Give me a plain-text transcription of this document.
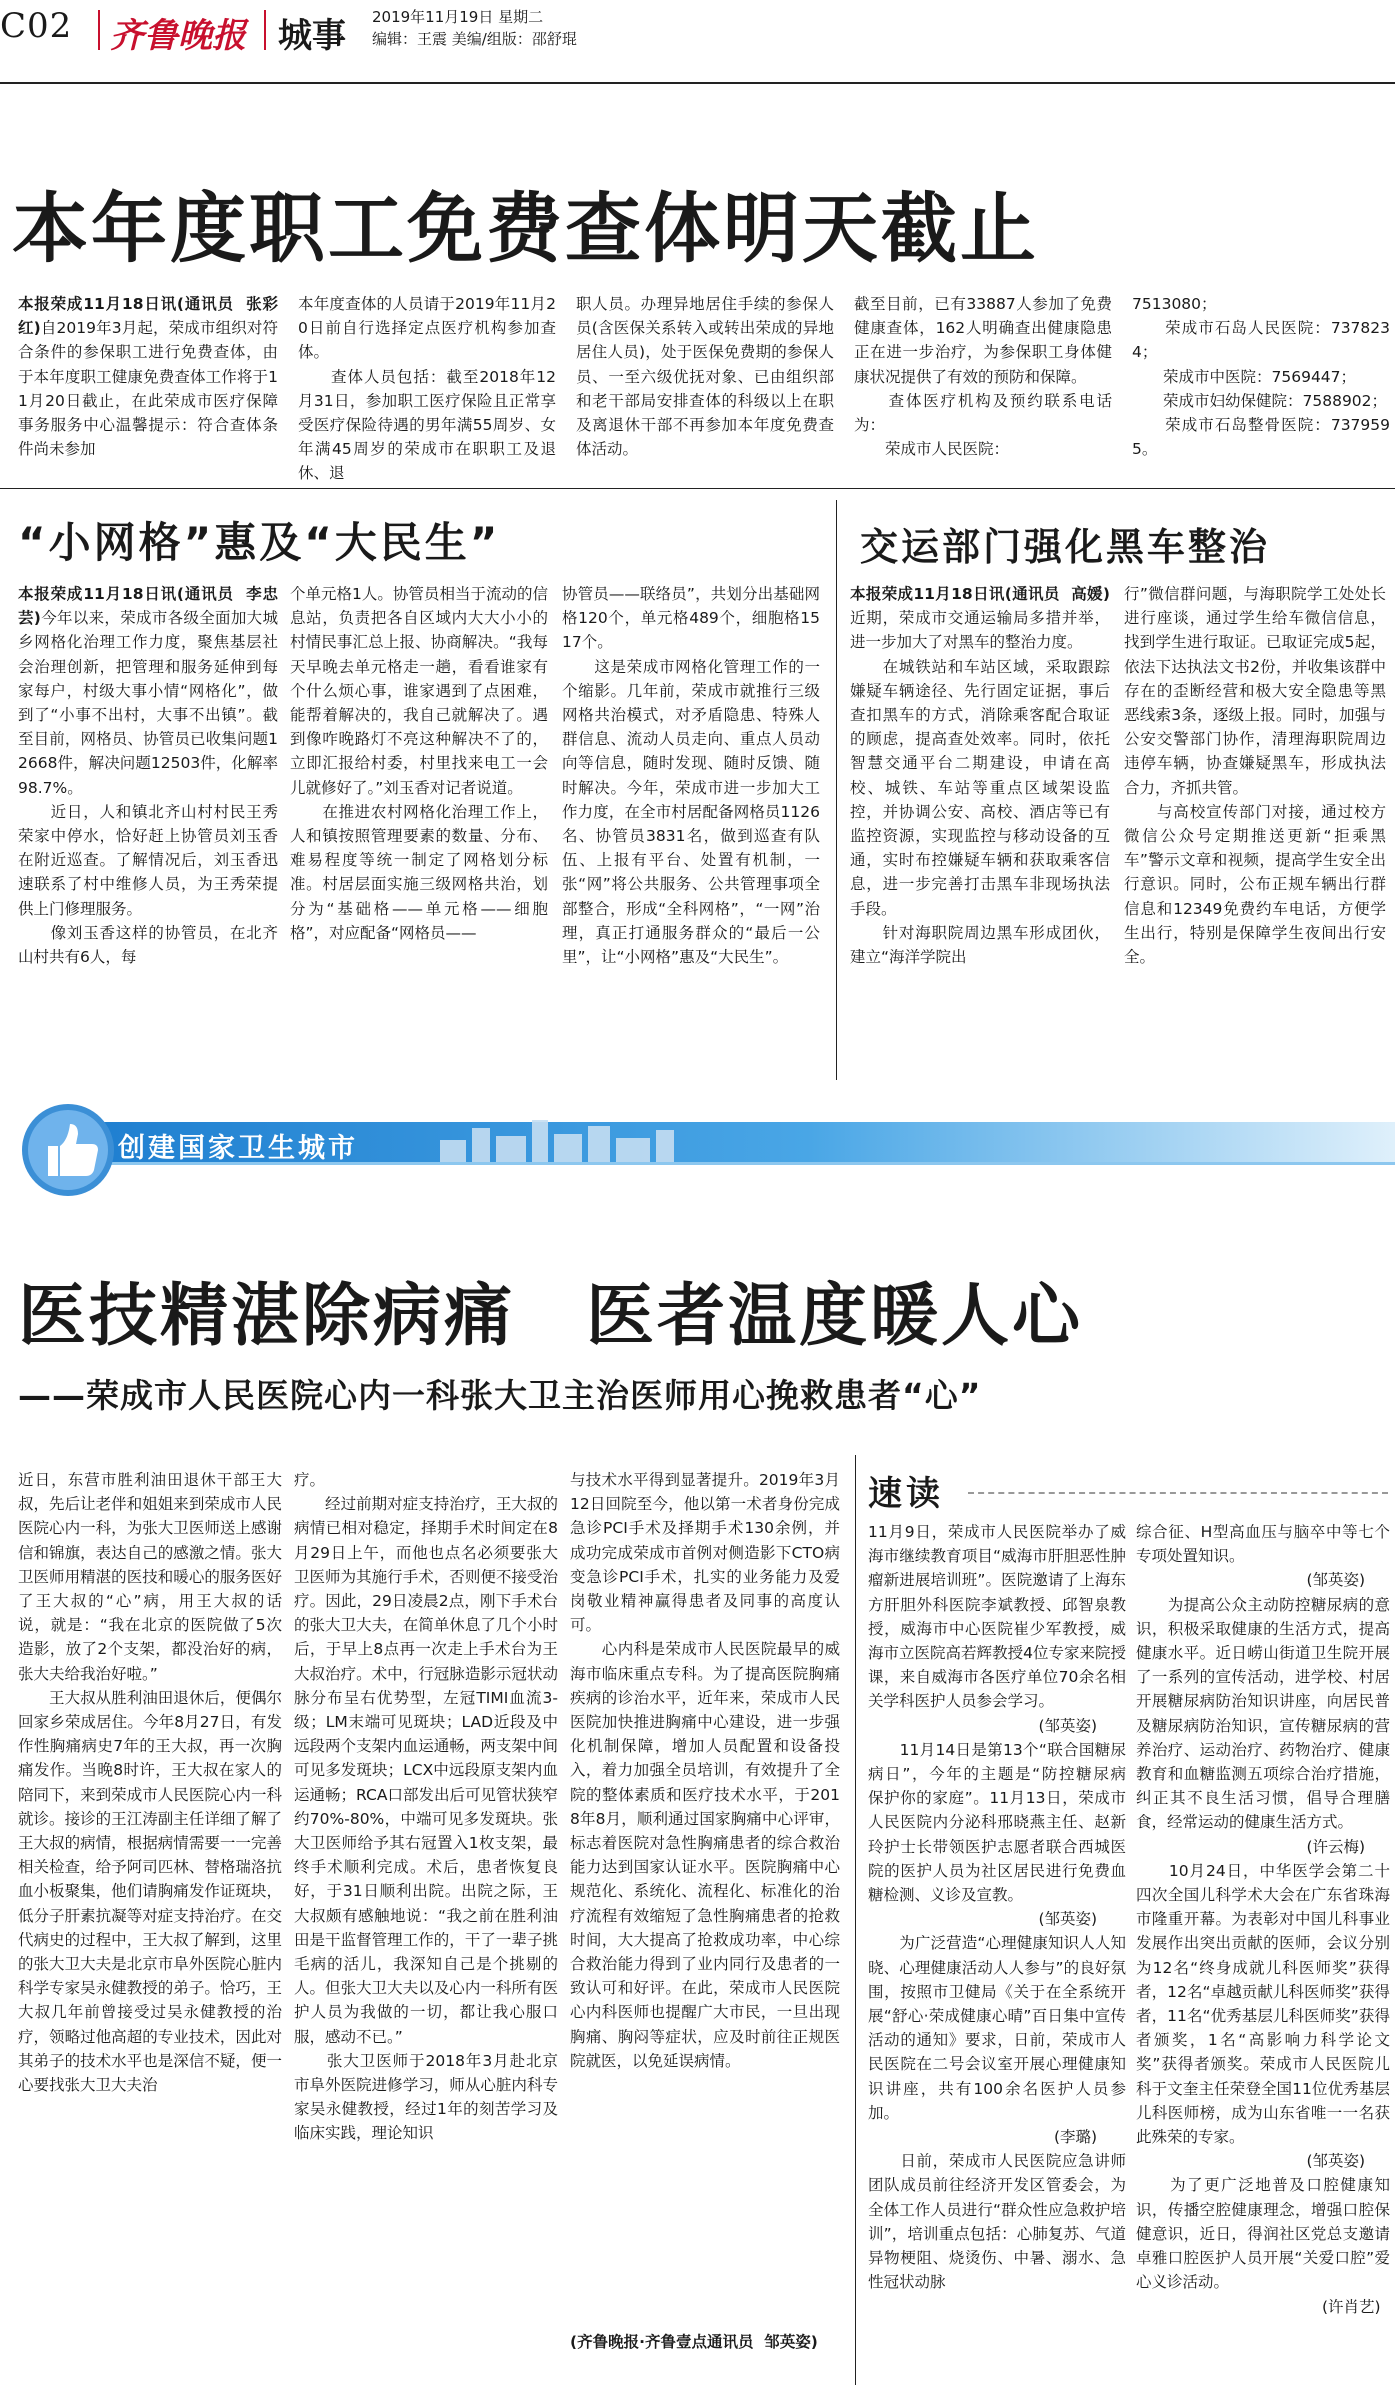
C02 齐鲁晚报 城事 2019年11月19日 星期二
编辑：王震 美编/组版：邵舒琨
本年度职工免费查体明天截止
本报荣成11月18日讯(通讯员  张彩红)自2019年3月起，荣成市组织对符合条件的参保职工进行免费查体，由于本年度职工健康免费查体工作将于11月20日截止，在此荣成市医疗保障事务服务中心温馨提示：符合查体条件尚未参加
本年度查体的人员请于2019年11月20日前自行选择定点医疗机构参加查体。
　　查体人员包括：截至2018年12月31日，参加职工医疗保险且正常享受医疗保险待遇的男年满55周岁、女年满45周岁的荣成市在职职工及退休、退
职人员。办理异地居住手续的参保人员(含医保关系转入或转出荣成的异地居住人员)，处于医保免费期的参保人员、一至六级优抚对象、已由组织部和老干部局安排查体的科级以上在职及离退休干部不再参加本年度免费查体活动。
截至目前，已有33887人参加了免费健康查体，162人明确查出健康隐患正在进一步治疗，为参保职工身体健康状况提供了有效的预防和保障。
　　查体医疗机构及预约联系电话为：
　　荣成市人民医院：
7513080；
　　荣成市石岛人民医院：7378234；
　　荣成市中医院：7569447；
　　荣成市妇幼保健院：7588902；
　　荣成市石岛整骨医院：7379595。
“小网格”惠及“大民生”
本报荣成11月18日讯(通讯员  李忠芸)今年以来，荣成市各级全面加大城乡网格化治理工作力度，聚焦基层社会治理创新，把管理和服务延伸到每家每户，村级大事小情“网格化”，做到了“小事不出村，大事不出镇”。截至目前，网格员、协管员已收集问题12668件，解决问题12503件，化解率98.7%。
　　近日，人和镇北齐山村村民王秀荣家中停水，恰好赶上协管员刘玉香在附近巡查。了解情况后，刘玉香迅速联系了村中维修人员，为王秀荣提供上门修理服务。
　　像刘玉香这样的协管员，在北齐山村共有6人，每
个单元格1人。协管员相当于流动的信息站，负责把各自区域内大大小小的村情民事汇总上报、协商解决。“我每天早晚去单元格走一趟，看看谁家有个什么烦心事，谁家遇到了点困难，能帮着解决的，我自己就解决了。遇到像咋晚路灯不亮这种解决不了的，立即汇报给村委，村里找来电工一会儿就修好了。”刘玉香对记者说道。
　　在推进农村网格化治理工作上，人和镇按照管理要素的数量、分布、难易程度等统一制定了网格划分标准。村居层面实施三级网格共治，划分为“基础格——单元格——细胞格”，对应配备“网格员——
协管员——联络员”，共划分出基础网格120个，单元格489个，细胞格1517个。
　　这是荣成市网格化管理工作的一个缩影。几年前，荣成市就推行三级网格共治模式，对矛盾隐患、特殊人群信息、流动人员走向、重点人员动向等信息，随时发现、随时反馈、随时解决。今年，荣成市进一步加大工作力度，在全市村居配备网格员1126名、协管员3831名，做到巡查有队伍、上报有平台、处置有机制，一张“网”将公共服务、公共管理事项全部整合，形成“全科网格”，“一网”治理，真正打通服务群众的“最后一公里”，让“小网格”惠及“大民生”。
交运部门强化黑车整治
本报荣成11月18日讯(通讯员  高媛)近期，荣成市交通运输局多措并举，进一步加大了对黑车的整治力度。
　　在城铁站和车站区域，采取跟踪嫌疑车辆途径、先行固定证据，事后查扣黑车的方式，消除乘客配合取证的顾虑，提高查处效率。同时，依托智慧交通平台二期建设，申请在高校、城铁、车站等重点区域架设监控，并协调公安、高校、酒店等已有监控资源，实现监控与移动设备的互通，实时布控嫌疑车辆和获取乘客信息，进一步完善打击黑车非现场执法手段。
　　针对海职院周边黑车形成团伙，建立“海洋学院出
行”微信群问题，与海职院学工处处长进行座谈，通过学生给车微信信息，找到学生进行取证。已取证完成5起，依法下达执法文书2份，并收集该群中存在的歪断经营和极大安全隐患等黑恶线索3条，逐级上报。同时，加强与公安交警部门协作，清理海职院周边违停车辆，协查嫌疑黑车，形成执法合力，齐抓共管。
　　与高校宣传部门对接，通过校方微信公众号定期推送更新“拒乘黑车”警示文章和视频，提高学生安全出行意识。同时，公布正规车辆出行群信息和12349免费约车电话，方便学生出行，特别是保障学生夜间出行安全。
创建国家卫生城市
医技精湛除病痛　医者温度暖人心
——荣成市人民医院心内一科张大卫主治医师用心挽救患者“心”
近日，东营市胜利油田退休干部王大叔，先后让老伴和姐姐来到荣成市人民医院心内一科，为张大卫医师送上感谢信和锦旗，表达自己的感激之情。张大卫医师用精湛的医技和暖心的服务医好了王大叔的“心”病，用王大叔的话说，就是：“我在北京的医院做了5次造影，放了2个支架，都没治好的病，张大夫给我治好啦。”
　　王大叔从胜利油田退休后，便偶尔回家乡荣成居住。今年8月27日，有发作性胸痛病史7年的王大叔，再一次胸痛发作。当晚8时许，王大叔在家人的陪同下，来到荣成市人民医院心内一科就诊。接诊的王江涛副主任详细了解了王大叔的病情，根据病情需要一一完善相关检查，给予阿司匹林、替格瑞洛抗血小板聚集，他们请胸痛发作证斑块，低分子肝素抗凝等对症支持治疗。在交代病史的过程中，王大叔了解到，这里的张大卫大夫是北京市阜外医院心脏内科学专家吴永健教授的弟子。恰巧，王大叔几年前曾接受过吴永健教授的治疗，领略过他高超的专业技术，因此对其弟子的技术水平也是深信不疑，便一心要找张大卫大夫治
疗。
　　经过前期对症支持治疗，王大叔的病情已相对稳定，择期手术时间定在8月29日上午，而他也点名必须要张大卫医师为其施行手术，否则便不接受治疗。因此，29日凌晨2点，刚下手术台的张大卫大夫，在简单休息了几个小时后，于早上8点再一次走上手术台为王大叔治疗。术中，行冠脉造影示冠状动脉分布呈右优势型，左冠TIMI血流3-级；LM末端可见斑块；LAD近段及中远段两个支架内血运通畅，两支架中间可见多发斑块；LCX中远段原支架内血运通畅；RCA口部发出后可见管状狭窄约70%-80%，中端可见多发斑块。张大卫医师给予其右冠置入1枚支架，最终手术顺利完成。术后，患者恢复良好，于31日顺利出院。出院之际，王大叔颇有感触地说：“我之前在胜利油田是干监督管理工作的，干了一辈子挑毛病的活儿，我深知自己是个挑剔的人。但张大卫大夫以及心内一科所有医护人员为我做的一切，都让我心服口服，感动不已。”
　　张大卫医师于2018年3月赴北京市阜外医院进修学习，师从心脏内科专家吴永健教授，经过1年的刻苦学习及临床实践，理论知识
与技术水平得到显著提升。2019年3月12日回院至今，他以第一术者身份完成急诊PCI手术及择期手术130余例，并成功完成荣成市首例对侧造影下CTO病变急诊PCI手术，扎实的业务能力及爱岗敬业精神赢得患者及同事的高度认可。
　　心内科是荣成市人民医院最早的威海市临床重点专科。为了提高医院胸痛疾病的诊治水平，近年来，荣成市人民医院加快推进胸痛中心建设，进一步强化机制保障，增加人员配置和设备投入，着力加强全员培训，有效提升了全院的整体素质和医疗技术水平，于2018年8月，顺利通过国家胸痛中心评审，标志着医院对急性胸痛患者的综合救治能力达到国家认证水平。医院胸痛中心规范化、系统化、流程化、标准化的治疗流程有效缩短了急性胸痛患者的抢救时间，大大提高了抢救成功率，中心综合救治能力得到了业内同行及患者的一致认可和好评。在此，荣成市人民医院心内科医师也提醒广大市民，一旦出现胸痛、胸闷等症状，应及时前往正规医院就医，以免延误病情。
(齐鲁晚报·齐鲁壹点通讯员  邹英姿)
速读
11月9日，荣成市人民医院举办了威海市继续教育项目“威海市肝胆恶性肿瘤新进展培训班”。医院邀请了上海东方肝胆外科医院李斌教授、邱智泉教授，威海市中心医院崔少军教授，威海市立医院高若辉教授4位专家来院授课，来自威海市各医疗单位70余名相关学科医护人员参会学习。
　　　　　　　　　　　(邹英姿)
　　11月14日是第13个“联合国糖尿病日”，今年的主题是“防控糖尿病  保护你的家庭”。11月13日，荣成市人民医院内分泌科邢晓燕主任、赵新玲护士长带领医护志愿者联合西城医院的医护人员为社区居民进行免费血糖检测、义诊及宣教。
　　　　　　　　　　　(邹英姿)
　　为广泛营造“心理健康知识人人知晓、心理健康活动人人参与”的良好氛围，按照市卫健局《关于在全系统开展“舒心·荣成健康心晴”百日集中宣传活动的通知》要求，日前，荣成市人民医院在二号会议室开展心理健康知识讲座，共有100余名医护人员参加。
　　　　　　　　　　　　(李璐)
　　日前，荣成市人民医院应急讲师团队成员前往经济开发区管委会，为全体工作人员进行“群众性应急救护培训”，培训重点包括：心肺复苏、气道异物梗阻、烧烫伤、中暑、溺水、急性冠状动脉
综合征、H型高血压与脑卒中等七个专项处置知识。
　　　　　　　　　　　(邹英姿)
　　为提高公众主动防控糖尿病的意识，积极采取健康的生活方式，提高健康水平。近日崂山街道卫生院开展了一系列的宣传活动，进学校、村居开展糖尿病防治知识讲座，向居民普及糖尿病防治知识，宣传糖尿病的营养治疗、运动治疗、药物治疗、健康教育和血糖监测五项综合治疗措施，纠正其不良生活习惯，倡导合理膳食，经常运动的健康生活方式。
　　　　　　　　　　　(许云梅)
　　10月24日，中华医学会第二十四次全国儿科学术大会在广东省珠海市隆重开幕。为表彰对中国儿科事业发展作出突出贡献的医师，会议分别为12名“终身成就儿科医师奖”获得者，12名“卓越贡献儿科医师奖”获得者，11名“优秀基层儿科医师奖”获得者颁奖，1名“高影响力科学论文奖”获得者颁奖。荣成市人民医院儿科于文奎主任荣登全国11位优秀基层儿科医师榜，成为山东省唯一一名获此殊荣的专家。
　　　　　　　　　　　(邹英姿)
　　为了更广泛地普及口腔健康知识，传播空腔健康理念，增强口腔保健意识，近日，得润社区党总支邀请卓雅口腔医护人员开展“关爱口腔”爱心义诊活动。
　　　　　　　　　　　　(许肖艺)
